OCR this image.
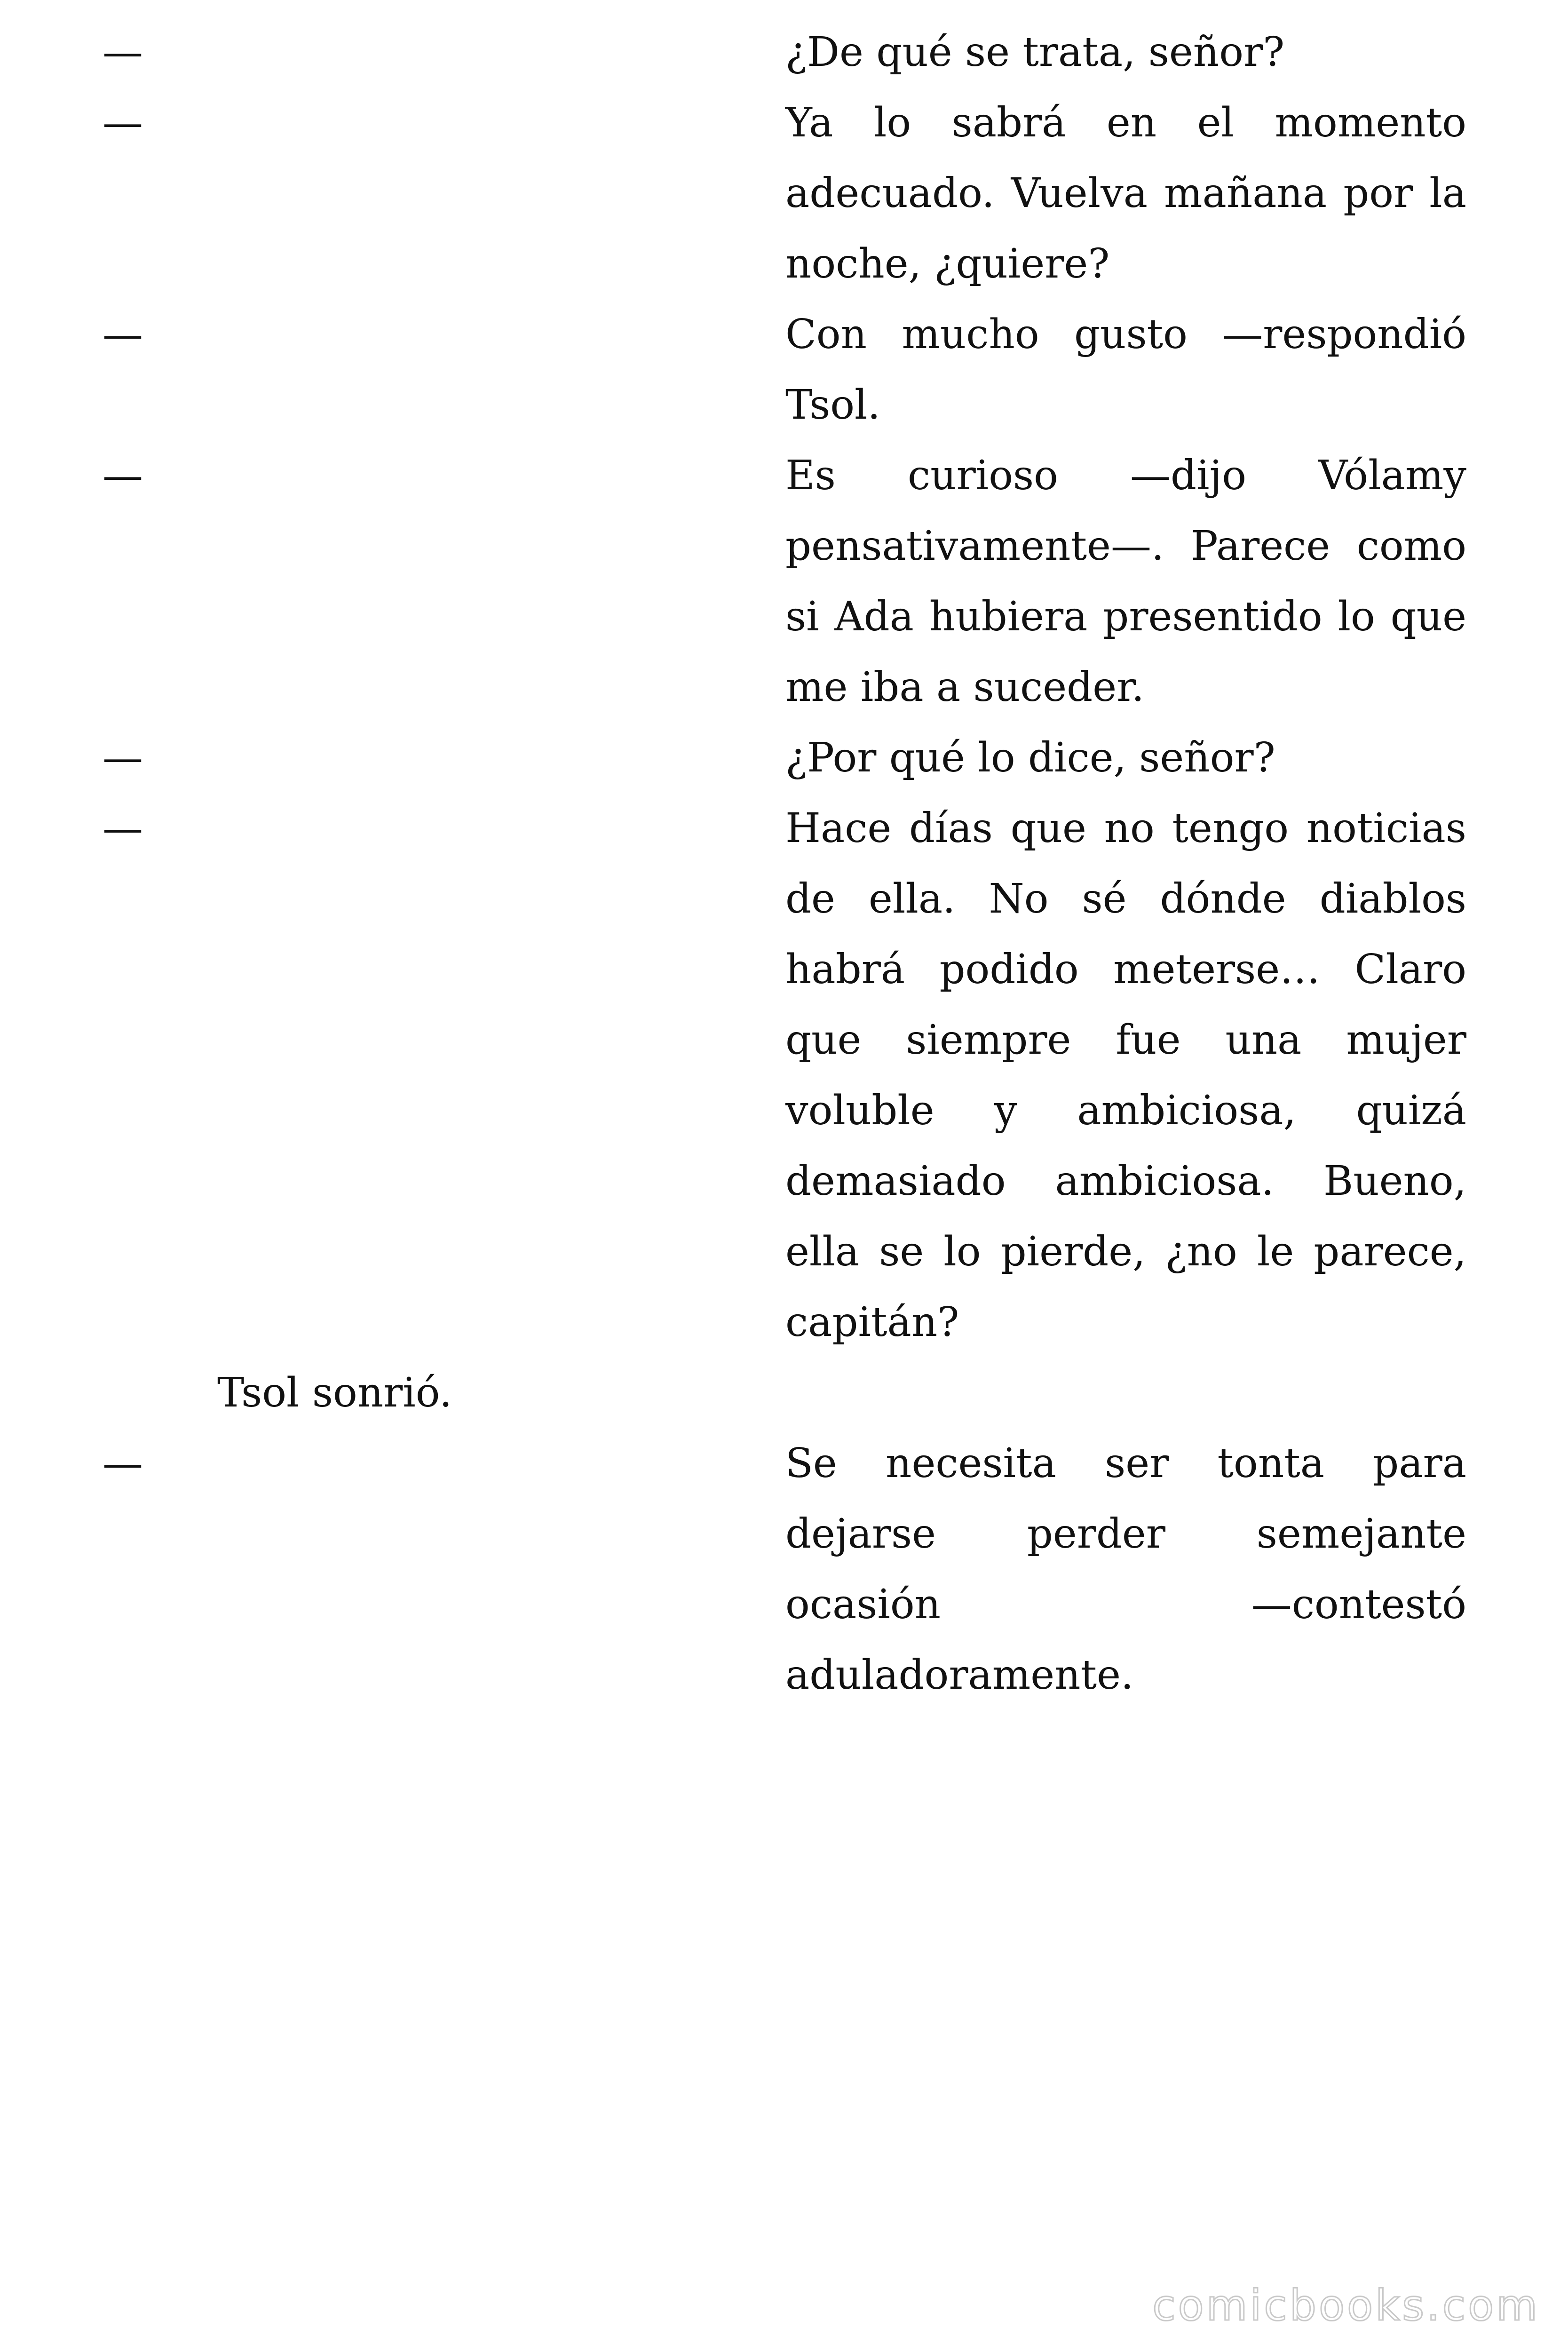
—	¿De qué se trata, señor?
—	Ya lo sabrá en el momento adecuado. Vuelva mañana por la noche, ¿quiere?
—	Con mucho gusto —respondió Tsol.
—	Es curioso —dijo Vólamy pensativamente—. Parece como si Ada hubiera presentido lo que me iba a suceder.
—	¿Por qué lo dice, señor?
—	Hace días que no tengo noticias de ella. No sé dónde diablos habrá podido meterse… Claro que siempre fue una mujer voluble y ambiciosa, quizá demasiado ambiciosa. Bueno, ella se lo pierde, ¿no le parece, capitán?
Tsol sonrió.
—	Se necesita ser tonta para dejarse perder semejante ocasión —contestó aduladoramente.
comicbooks.com
